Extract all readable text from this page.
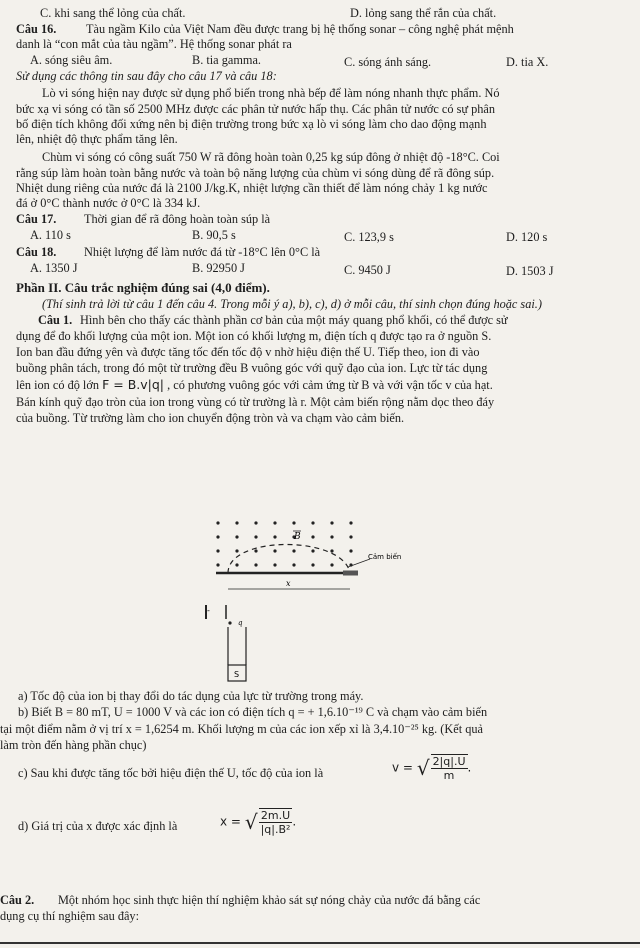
C. khi sang thể lỏng của chất.	D. lỏng sang thể rắn của chất.
Tàu ngầm Kilo của Việt Nam đều được trang bị hệ thống sonar – công nghệ phát mệnh
danh là “con mắt của tàu ngầm”. Hệ thống sonar phát ra
A. sóng siêu âm.	B. tia gamma.	C. sóng ánh sáng.	D. tia X.
Sử dụng các thông tin sau đây cho câu 17 và câu 18:
Lò vi sóng hiện nay được sử dụng phổ biến trong nhà bếp để làm nóng nhanh thực phẩm. Nó
bức xạ vi sóng có tần số 2500 MHz được các phân tử nước hấp thụ. Các phân tử nước có sự phân
bố điện tích không đối xứng nên bị điện trường trong bức xạ lò vi sóng làm cho dao động mạnh
lên, nhiệt độ thực phẩm tăng lên.
Chùm vi sóng có công suất 750 W rã đông hoàn toàn 0,25 kg súp đông ở nhiệt độ -18°C. Coi
rằng súp làm hoàn toàn bằng nước và toàn bộ năng lượng của chùm vi sóng dùng để rã đông súp.
Nhiệt dung riêng của nước đá là 2100 J/kg.K, nhiệt lượng cần thiết để làm nóng chảy 1 kg nước
đá ở 0°C thành nước ở 0°C là 334 kJ.
Thời gian để rã đông hoàn toàn súp là
A. 110 s	B. 90,5 s	C. 123,9 s	D. 120 s
Nhiệt lượng để làm nước đá từ -18°C lên 0°C là
A. 1350 J	B. 92950 J	C. 9450 J	D. 1503 J
(Thí sinh trả lời từ câu 1 đến câu 4. Trong mỗi ý a), b), c), d) ở mỗi câu, thí sinh chọn đúng hoặc sai.)
Hình bên cho thấy các thành phần cơ bản của một máy quang phổ khối, có thể được sử
dụng để đo khối lượng của một ion. Một ion có khối lượng m, điện tích q được tạo ra ở nguồn S.
Ion ban đầu đứng yên và được tăng tốc đến tốc độ v nhờ hiệu điện thế U. Tiếp theo, ion đi vào
buồng phân tách, trong đó một từ trường đều B vuông góc với quỹ đạo của ion. Lực từ tác dụng
Bán kính quỹ đạo tròn của ion trong vùng có từ trường là r. Một cảm biến rộng nằm dọc theo đáy
của buồng. Từ trường làm cho ion chuyển động tròn và va chạm vào cảm biến.
a) Tốc độ của ion bị thay đổi do tác dụng của lực từ trường trong máy.
tại một điểm nằm ở vị trí x = 1,6254 m. Khối lượng m của các ion xếp xỉ là 3,4.10⁻²⁵ kg. (Kết quả
làm tròn đến hàng phần chục)
c) Sau khi được tăng tốc bởi hiệu điện thế U, tốc độ của ion là
d) Giá trị của x được xác định là
Một nhóm học sinh thực hiện thí nghiệm khảo sát sự nóng chảy của nước đá bằng các
dụng cụ thí nghiệm sau đây:
Câu 16.
Câu 17.
Câu 18.
Phần II. Câu trắc nghiệm đúng sai (4,0 điểm).
Câu 1.
Câu 2.
lên ion có độ lớn F = B.v|q| , có phương vuông góc với cảm ứng từ B và với vận tốc v của hạt.
b) Biết B = 80 mT, U = 1000 V và các ion có điện tích q = + 1,6.10⁻¹⁹ C và chạm vào cảm biến
v = √ $\frac{2|q|.U}{m}$ .
x = √ $\frac{2m.U}{\text{|q|.B²}}$ .
Cảm biến
B
x
-
q
S
